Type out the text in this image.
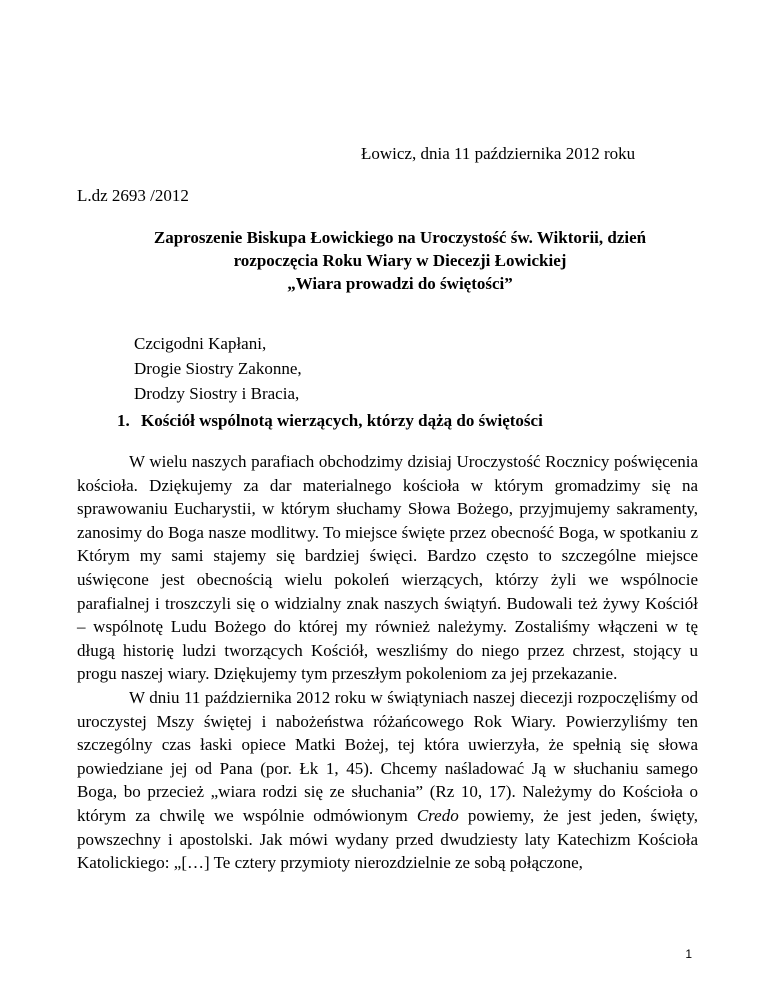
Łowicz, dnia 11 października 2012 roku
L.dz 2693 /2012
Zaproszenie Biskupa Łowickiego na Uroczystość św. Wiktorii, dzień
rozpoczęcia Roku Wiary w Diecezji Łowickiej
„Wiara prowadzi do świętości”
Czcigodni Kapłani,
Drogie Siostry Zakonne,
Drodzy Siostry i Bracia,
1. Kościół wspólnotą wierzących, którzy dążą do świętości

W wielu naszych parafiach obchodzimy dzisiaj Uroczystość Rocznicy poświęcenia kościoła. Dziękujemy za dar materialnego kościoła w którym gromadzimy się na sprawowaniu Eucharystii, w którym słuchamy Słowa Bożego, przyjmujemy sakramenty, zanosimy do Boga nasze modlitwy. To miejsce święte przez obecność Boga, w spotkaniu z Którym my sami stajemy się bardziej święci. Bardzo często to szczególne miejsce uświęcone jest obecnością wielu pokoleń wierzących, którzy żyli we wspólnocie parafialnej i troszczyli się o widzialny znak naszych świątyń. Budowali też żywy Kościół – wspólnotę Ludu Bożego do której my również należymy. Zostaliśmy włączeni w tę długą historię ludzi tworzących Kościół, weszliśmy do niego przez chrzest, stojący u progu naszej wiary. Dziękujemy tym przeszłym pokoleniom za jej przekazanie.

W dniu 11 października 2012 roku w świątyniach naszej diecezji rozpoczęliśmy od uroczystej Mszy świętej i nabożeństwa różańcowego Rok Wiary. Powierzyliśmy ten szczególny czas łaski opiece Matki Bożej, tej która uwierzyła, że spełnią się słowa powiedziane jej od Pana (por. Łk 1, 45). Chcemy naśladować Ją w słuchaniu samego Boga, bo przecież „wiara rodzi się ze słuchania” (Rz 10, 17). Należymy do Kościoła o którym za chwilę we wspólnie odmówionym Credo powiemy, że jest jeden, święty, powszechny i apostolski. Jak mówi wydany przed dwudziesty laty Katechizm Kościoła Katolickiego: „[…] Te cztery przymioty nierozdzielnie ze sobą połączone,

1
